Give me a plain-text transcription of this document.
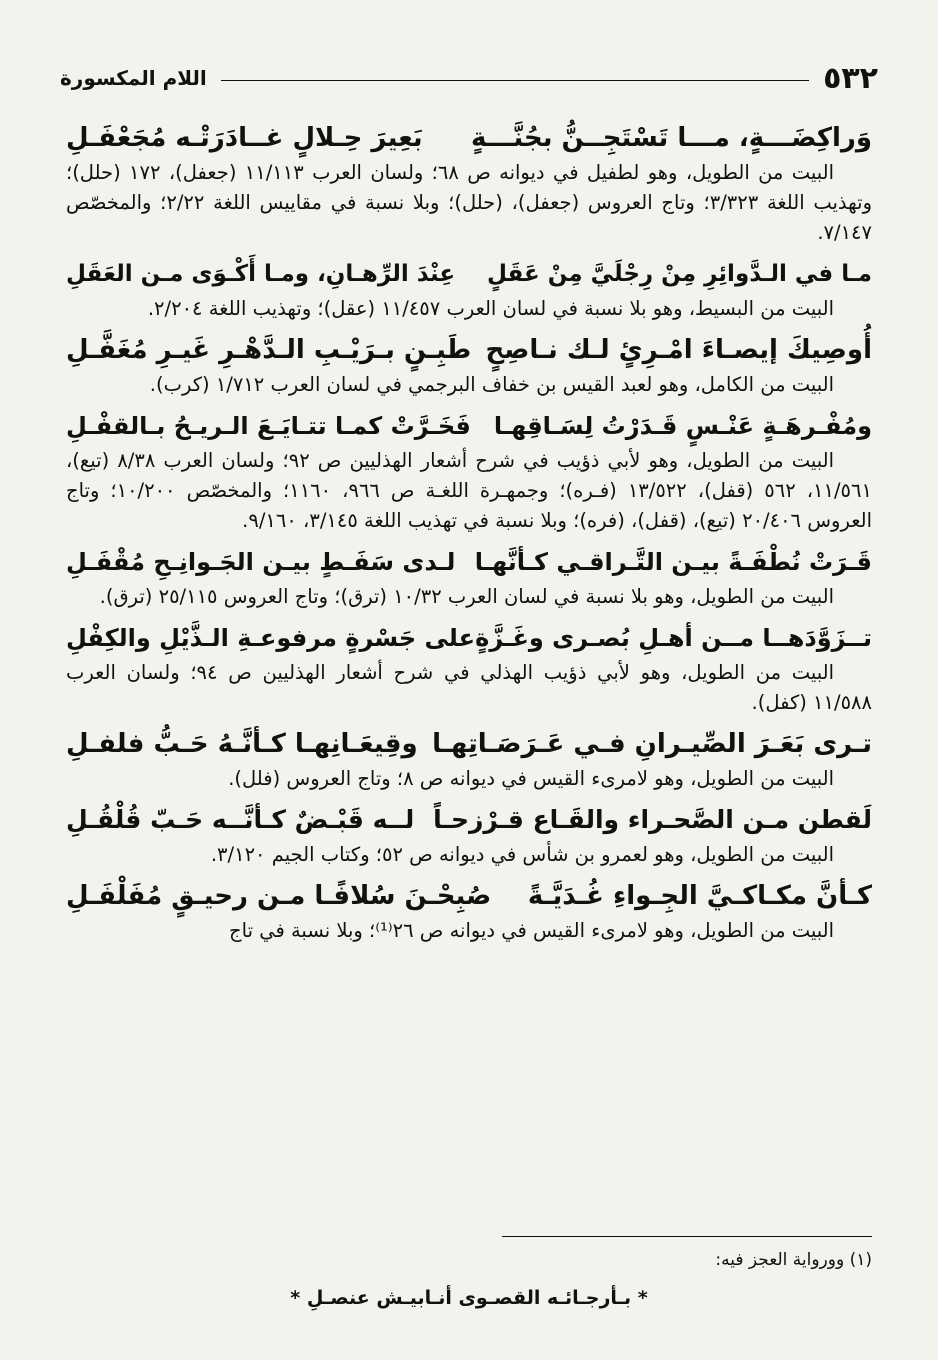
٥٣٢
اللام المكسورة
وَراكِضَـــةٍ، مـــا تَسْتَجِــنُّ بجُنَّـــةٍ
بَعِيرَ حِـلالٍ غــادَرَتْـه مُجَعْفَـلِ
البيت من الطويل، وهو لطفيل في ديوانه ص ٦٨؛ ولسان العرب ١١/١١٣ (جعفل)، ١٧٢ (حلل)؛ وتهذيب اللغة ٣/٣٢٣؛ وتاج العروس (جعفل)، (حلل)؛ وبلا نسبة في مقاييس اللغة ٢/٢٢؛ والمخصّص ٧/١٤٧.
مـا في الـدَّوائِرِ مِنْ رِجْلَيَّ مِنْ عَقَلٍ
عِنْدَ الرِّهـانِ، ومـا أَكْـوَى مـن العَقَلِ
البيت من البسيط، وهو بلا نسبة في لسان العرب ١١/٤٥٧ (عقل)؛ وتهذيب اللغة ٢/٢٠٤.
أُوصِيكَ إيصـاءَ امْـرِئٍ لـك نـاصِحٍ
طَبِـنٍ بـرَيْـبِ الـدَّهْـرِ غَيـرِ مُغَفَّـلِ
البيت من الكامل، وهو لعبد القيس بن خفاف البرجمي في لسان العرب ١/٧١٢ (كرب).
ومُفْـرهَـةٍ عَنْـسٍ قَـدَرْتُ لِسَـاقِهـا
فَخَـرَّتْ كمـا تتـايَـعَ الـريـحُ بـالقفْـلِ
البيت من الطويل، وهو لأبي ذؤيب في شرح أشعار الهذليين ص ٩٢؛ ولسان العرب ٨/٣٨ (تيع)، ١١/٥٦١، ٥٦٢ (قفل)، ١٣/٥٢٢ (فـره)؛ وجمهـرة اللغـة ص ٩٦٦، ١١٦٠؛ والمخصّص ١٠/٢٠٠؛ وتاج العروس ٢٠/٤٠٦ (تيع)، (قفل)، (فره)؛ وبلا نسبة في تهذيب اللغة ٣/١٤٥، ٩/١٦٠.
قَـرَتْ نُطْفَـةً بيـن التَّـراقـي كـأنَّهـا
لـدى سَفَـطٍ بيـن الجَـوانِـحِ مُقْفَـلِ
البيت من الطويل، وهو بلا نسبة في لسان العرب ١٠/٣٢ (ترق)؛ وتاج العروس ٢٥/١١٥ (ترق).
تــزَوَّدَهــا مــن أهـلِ بُصـرى وغَـزَّةٍ
على جَسْرةٍ مرفوعـةِ الـذَّيْلِ والكِفْلِ
البيت من الطويل، وهو لأبي ذؤيب الهذلي في شرح أشعار الهذليين ص ٩٤؛ ولسان العرب ١١/٥٨٨ (كفل).
تـرى بَعَـرَ الصِّيـرانِ فـي عَـرَصَـاتِهـا
وقِيعَـانِهـا كـأنَّـهُ حَـبُّ فلفـلِ
البيت من الطويل، وهو لامرىء القيس في ديوانه ص ٨؛ وتاج العروس (فلل).
لَقطن مـن الصَّحـراء والقَـاع قـرْزحـاً
لــه قَبْـضٌ كـأنَّــه حَـبّ قُلْقُـلِ
البيت من الطويل، وهو لعمرو بن شأس في ديوانه ص ٥٢؛ وكتاب الجيم ٣/١٢٠.
كـأنَّ مكـاكـيَّ الجِـواءِ غُـدَيَّـةً
صُبِحْـنَ سُلافًـا مـن رحيـقٍ مُفَلْفَـلِ
البيت من الطويل، وهو لامرىء القيس في ديوانه ص ٢٦⁽¹⁾؛ وبلا نسبة في تاج
(١) وورواية العجز فيه:
* بـأرجـائـه القصـوى أنـابيـش عنصـلِ *
